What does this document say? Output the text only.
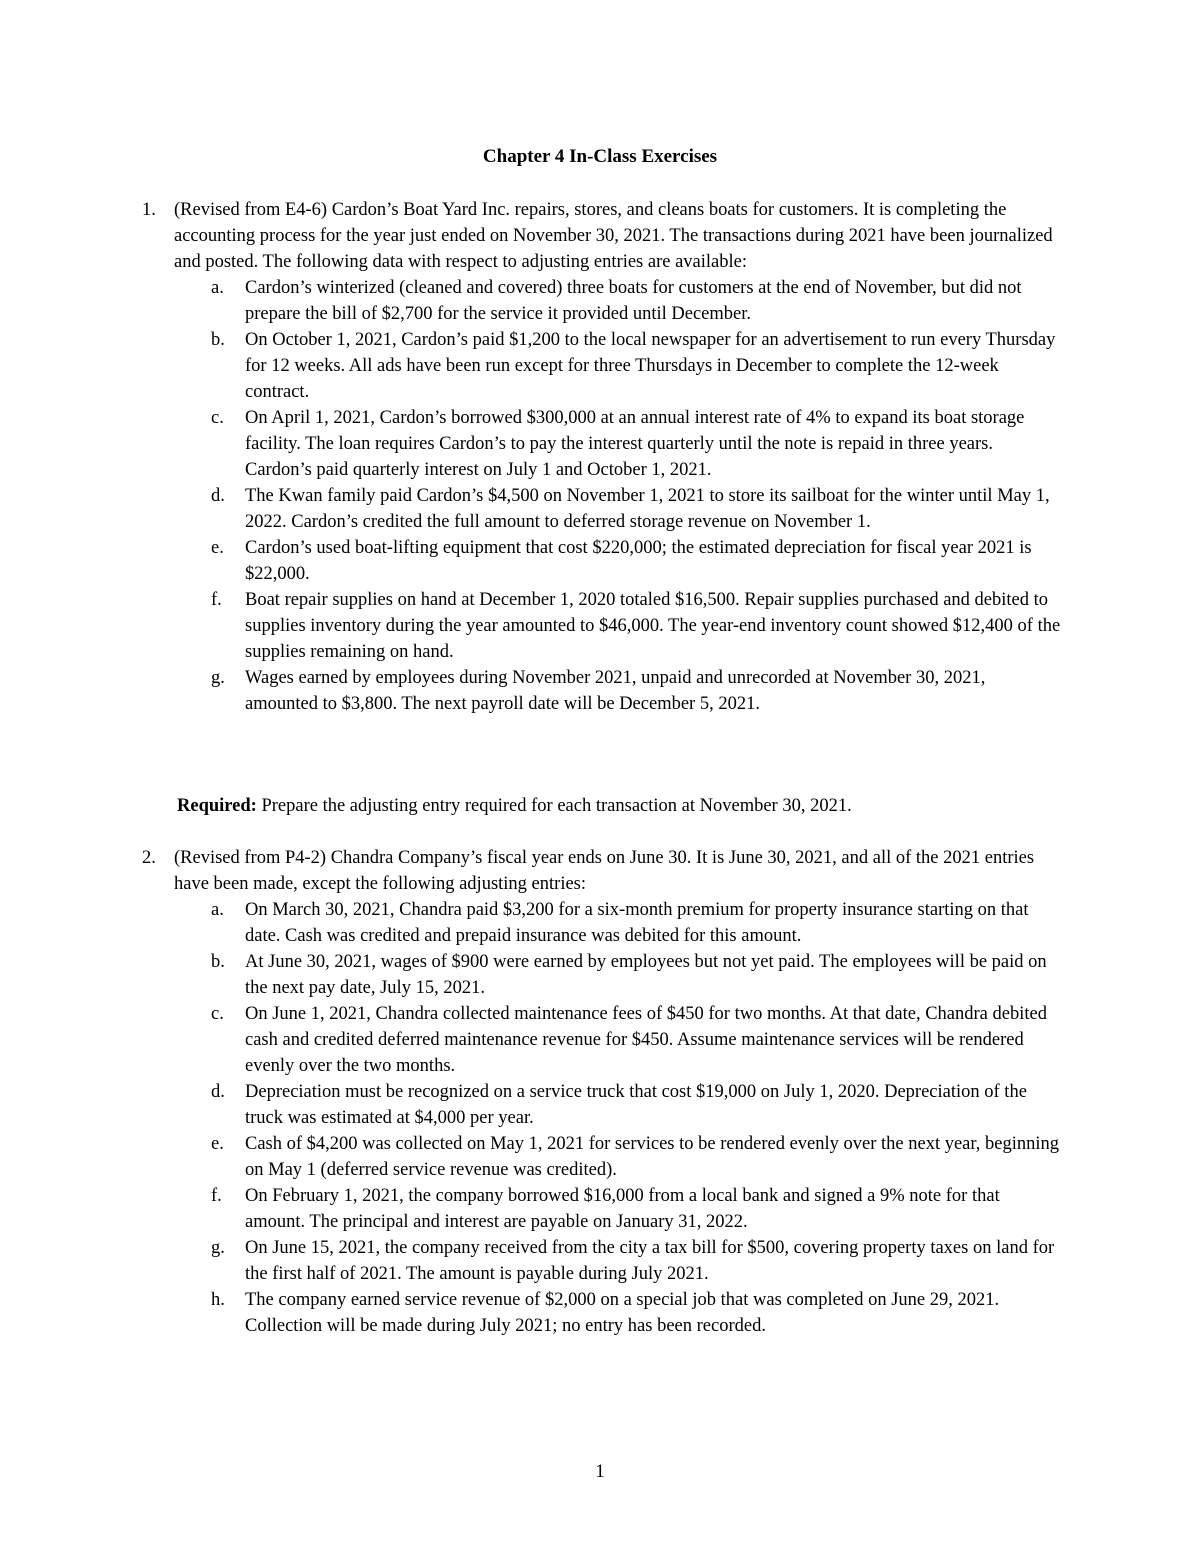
Chapter 4 In-Class Exercises
1. (Revised from E4-6) Cardon’s Boat Yard Inc. repairs, stores, and cleans boats for customers. It is completing the accounting process for the year just ended on November 30, 2021. The transactions during 2021 have been journalized and posted. The following data with respect to adjusting entries are available:
a.	Cardon’s winterized (cleaned and covered) three boats for customers at the end of November, but did not prepare the bill of $2,700 for the service it provided until December.
b.	On October 1, 2021, Cardon’s paid $1,200 to the local newspaper for an advertisement to run every Thursday for 12 weeks. All ads have been run except for three Thursdays in December to complete the 12-week contract.
c.	On April 1, 2021, Cardon’s borrowed $300,000 at an annual interest rate of 4% to expand its boat storage facility. The loan requires Cardon’s to pay the interest quarterly until the note is repaid in three years. Cardon’s paid quarterly interest on July 1 and October 1, 2021.
d.	The Kwan family paid Cardon’s $4,500 on November 1, 2021 to store its sailboat for the winter until May 1, 2022. Cardon’s credited the full amount to deferred storage revenue on November 1.
e.	Cardon’s used boat-lifting equipment that cost $220,000; the estimated depreciation for fiscal year 2021 is $22,000.
f.	Boat repair supplies on hand at December 1, 2020 totaled $16,500. Repair supplies purchased and debited to supplies inventory during the year amounted to $46,000. The year-end inventory count showed $12,400 of the supplies remaining on hand.
g.	Wages earned by employees during November 2021, unpaid and unrecorded at November 30, 2021, amounted to $3,800. The next payroll date will be December 5, 2021.
Required: Prepare the adjusting entry required for each transaction at November 30, 2021.
2. (Revised from P4-2) Chandra Company’s fiscal year ends on June 30. It is June 30, 2021, and all of the 2021 entries have been made, except the following adjusting entries:
a.	On March 30, 2021, Chandra paid $3,200 for a six-month premium for property insurance starting on that date. Cash was credited and prepaid insurance was debited for this amount.
b.	At June 30, 2021, wages of $900 were earned by employees but not yet paid. The employees will be paid on the next pay date, July 15, 2021.
c.	On June 1, 2021, Chandra collected maintenance fees of $450 for two months. At that date, Chandra debited cash and credited deferred maintenance revenue for $450. Assume maintenance services will be rendered evenly over the two months.
d.	Depreciation must be recognized on a service truck that cost $19,000 on July 1, 2020. Depreciation of the truck was estimated at $4,000 per year.
e.	Cash of $4,200 was collected on May 1, 2021 for services to be rendered evenly over the next year, beginning on May 1 (deferred service revenue was credited).
f.	On February 1, 2021, the company borrowed $16,000 from a local bank and signed a 9% note for that amount. The principal and interest are payable on January 31, 2022.
g.	On June 15, 2021, the company received from the city a tax bill for $500, covering property taxes on land for the first half of 2021. The amount is payable during July 2021.
h.	The company earned service revenue of $2,000 on a special job that was completed on June 29, 2021. Collection will be made during July 2021; no entry has been recorded.
1
